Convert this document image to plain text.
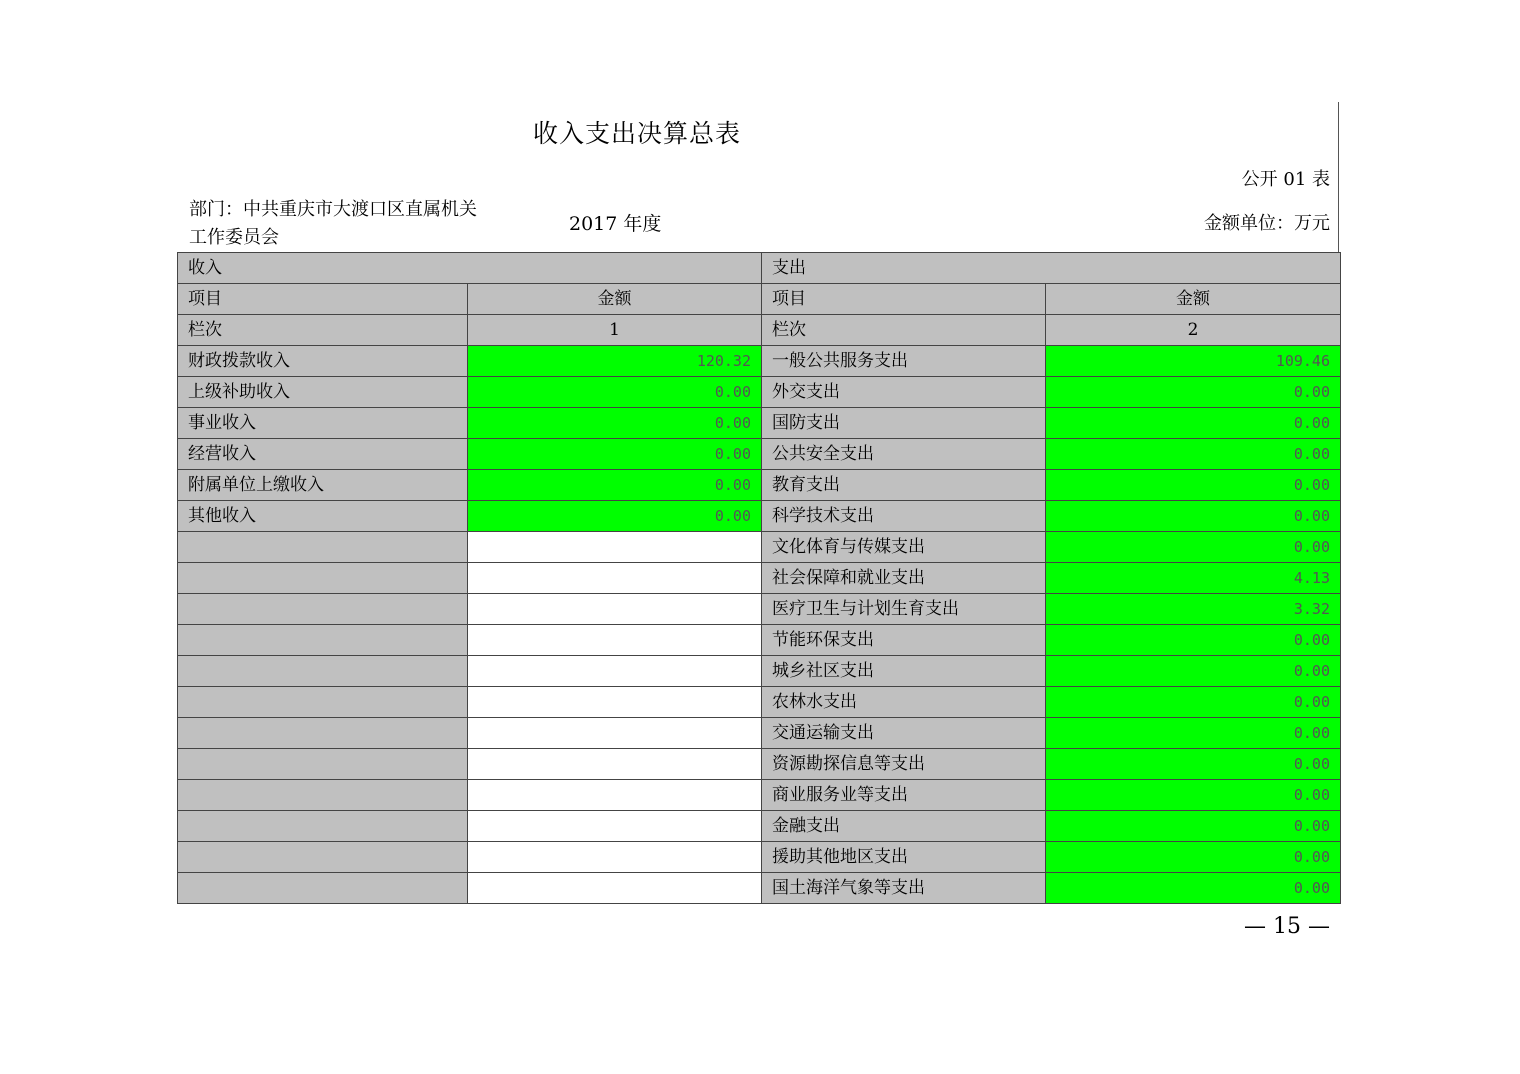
收入支出决算总表
公开 01 表
部门：中共重庆市大渡口区直属机关工作委员会
2017 年度	金额单位：万元
收入		支出	
项目	金额	项目	金额
栏次	1	栏次	2
财政拨款收入	120.32	一般公共服务支出	109.46
上级补助收入	0.00	外交支出	0.00
事业收入	0.00	国防支出	0.00
经营收入	0.00	公共安全支出	0.00
附属单位上缴收入	0.00	教育支出	0.00
其他收入	0.00	科学技术支出	0.00
		文化体育与传媒支出	0.00
		社会保障和就业支出	4.13
		医疗卫生与计划生育支出	3.32
		节能环保支出	0.00
		城乡社区支出	0.00
		农林水支出	0.00
		交通运输支出	0.00
		资源勘探信息等支出	0.00
		商业服务业等支出	0.00
		金融支出	0.00
		援助其他地区支出	0.00
		国土海洋气象等支出	0.00
— 15 —
